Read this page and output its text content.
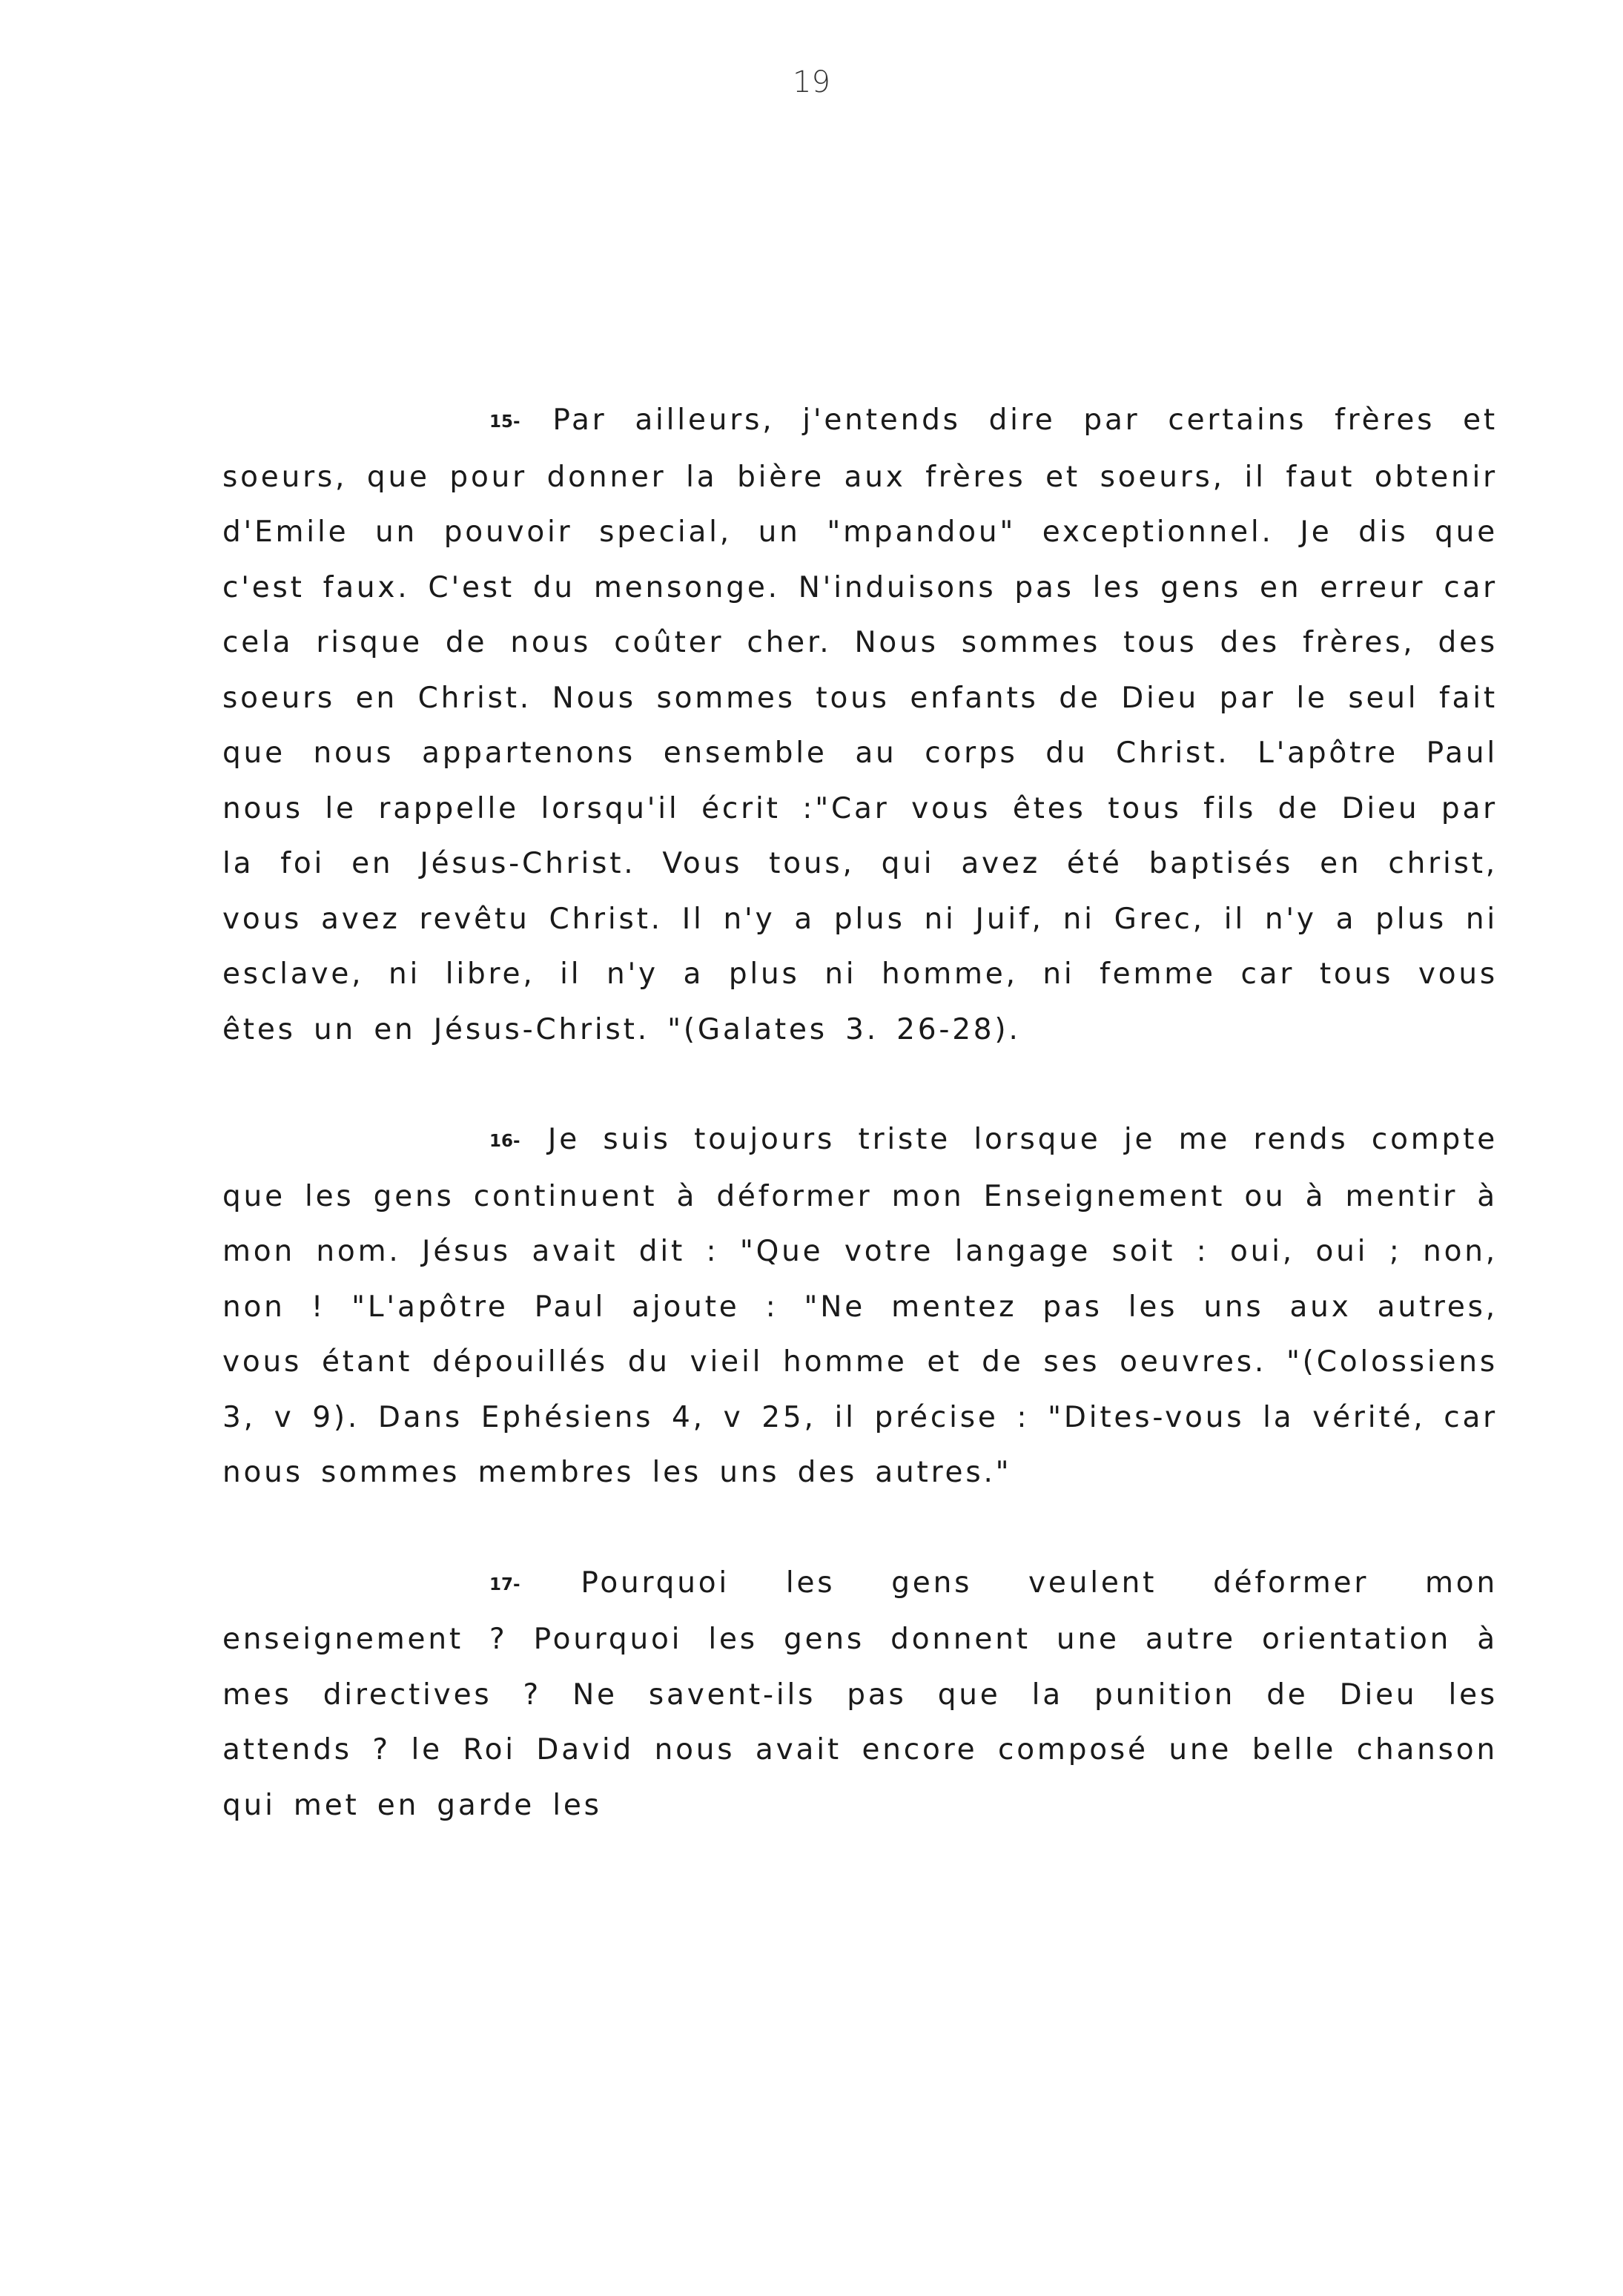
19

15- Par ailleurs, j'entends dire par certains frères et soeurs, que pour donner la bière aux frères et soeurs, il faut obtenir d'Emile un pouvoir special, un "mpandou" exceptionnel. Je dis que c'est faux. C'est du mensonge. N'induisons pas les gens en erreur car cela risque de nous coûter cher. Nous sommes tous des frères, des soeurs en Christ. Nous sommes tous enfants de Dieu par le seul fait que nous appartenons ensemble au corps du Christ. L'apôtre Paul nous le rappelle lorsqu'il écrit :"Car vous êtes tous fils de Dieu par la foi en Jésus-Christ. Vous tous, qui avez été baptisés en christ, vous avez revêtu Christ. Il n'y a plus ni Juif, ni Grec, il n'y a plus ni esclave, ni libre, il n'y a plus ni homme, ni femme car tous vous êtes un en Jésus-Christ. "(Galates 3. 26-28).

16- Je suis toujours triste lorsque je me rends compte que les gens continuent à déformer mon Enseignement ou à mentir à mon nom. Jésus avait dit : "Que votre langage soit : oui, oui ; non, non ! "L'apôtre Paul ajoute : "Ne mentez pas les uns aux autres, vous étant dépouillés du vieil homme et de ses oeuvres. "(Colossiens 3, v 9). Dans Ephésiens 4, v 25, il précise : "Dites-vous la vérité, car nous sommes membres les uns des autres."

17- Pourquoi les gens veulent déformer mon enseignement ? Pourquoi les gens donnent une autre orientation à mes directives ? Ne savent-ils pas que la punition de Dieu les attends ? le Roi David nous avait encore composé une belle chanson qui met en garde les
